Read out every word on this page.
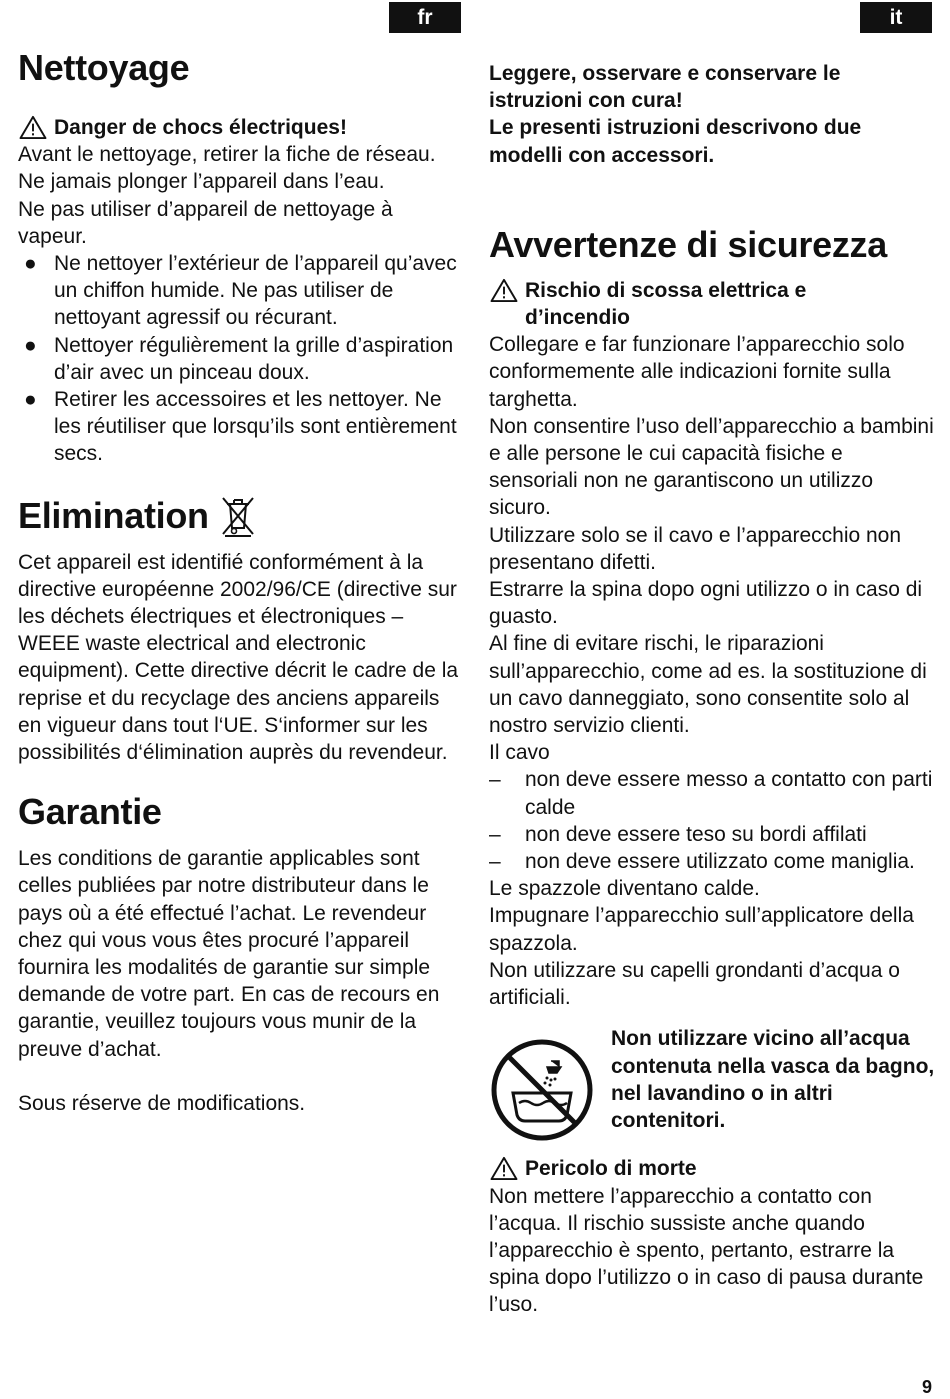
fr	it
Nettoyage
Danger de chocs électriques!

Avant le nettoyage, retirer la fiche de réseau.

Ne jamais plonger l’appareil dans l’eau.

Ne pas utiliser d’appareil de nettoyage à vapeur.

● Ne nettoyer l’extérieur de l’appareil qu’avec un chiffon humide. Ne pas utiliser de nettoyant agressif ou récurant.
● Nettoyer régulièrement la grille d’aspiration d’air avec un pinceau doux.
● Retirer les accessoires et les nettoyer. Ne les réutiliser que lorsqu’ils sont entièrement secs.
Elimination

Cet appareil est identifié conformément à la directive européenne 2002/96/CE (directive sur les déchets électriques et électroniques – WEEE waste electrical and electronic equipment). Cette directive décrit le cadre de la reprise et du recyclage des anciens appareils en vigueur dans tout l‘UE. S‘informer sur les possibilités d‘élimination auprès du revendeur.

Garantie

Les conditions de garantie applicables sont celles publiées par notre distributeur dans le pays où a été effectué l’achat. Le revendeur chez qui vous vous êtes procuré l’appareil fournira les modalités de garantie sur simple demande de votre part. En cas de recours en garantie, veuillez toujours vous munir de la preuve d’achat.

Sous réserve de modifications.

Leggere, osservare e conservare le istruzioni con cura!

Le presenti istruzioni descrivono due modelli con accessori.

Avvertenze di sicurezza
Rischio di scossa elettrica e

d’incendio

Collegare e far funzionare l’apparecchio solo conformemente alle indicazioni fornite sulla targhetta.

Non consentire l’uso dell’apparecchio a bambini e alle persone le cui capacità fisiche e sensoriali non ne garantiscono un utilizzo sicuro.

Utilizzare solo se il cavo e l’apparecchio non presentano difetti.

Estrarre la spina dopo ogni utilizzo o in caso di guasto.

Al fine di evitare rischi, le riparazioni sull’apparecchio, come ad es. la sostituzione di un cavo danneggiato, sono consentite solo al nostro servizio clienti.

Il cavo

– non deve essere messo a contatto con parti calde
– non deve essere teso su bordi affilati
– non deve essere utilizzato come maniglia.

Le spazzole diventano calde.

Impugnare l’apparecchio sull’applicatore della spazzola.

Non utilizzare su capelli grondanti d’acqua o artificiali.

Non utilizzare vicino all’acqua contenuta nella vasca da bagno, nel lavandino o in altri contenitori.

Pericolo di morte

Non mettere l’apparecchio a contatto con l’acqua. Il rischio sussiste anche quando l’apparecchio è spento, pertanto, estrarre la spina dopo l’utilizzo o in caso di pausa durante l’uso.

9
